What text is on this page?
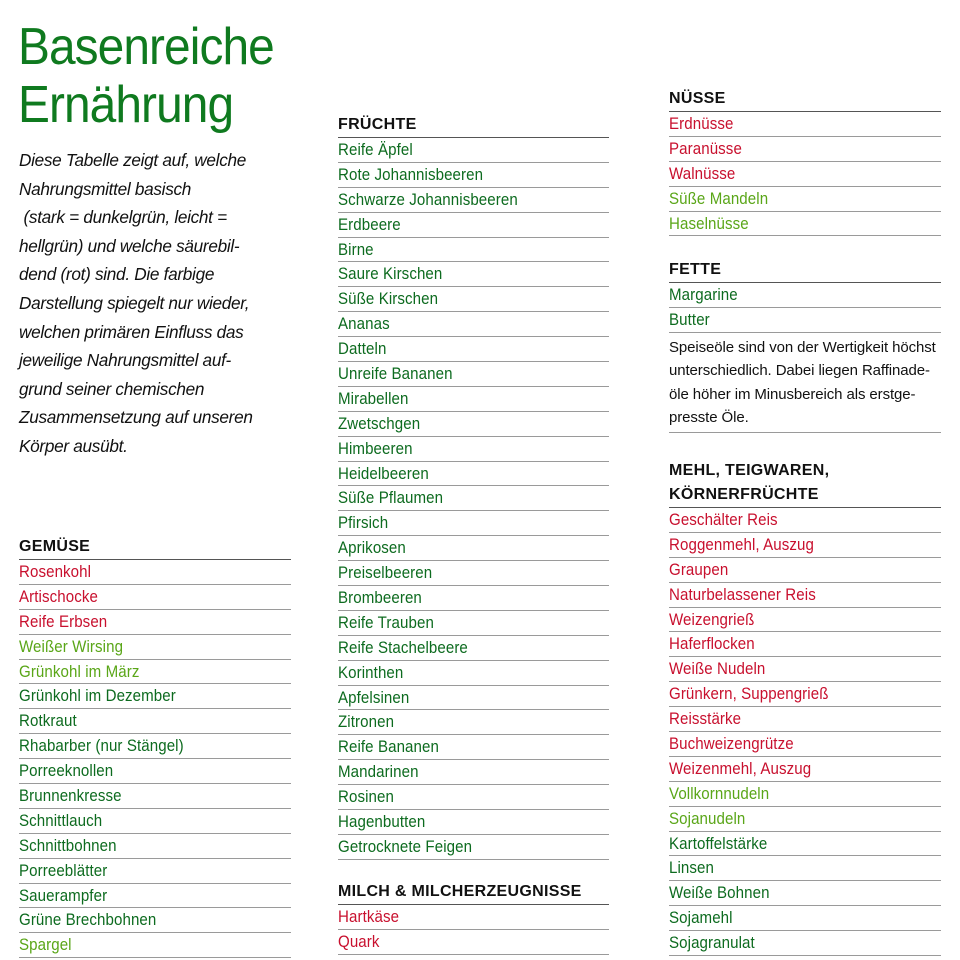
Basenreiche
Ernährung
Diese Tabelle zeigt auf, welche
Nahrungsmittel basisch
(stark = dunkelgrün, leicht =
hellgrün) und welche säurebil-
dend (rot) sind. Die farbige
Darstellung spiegelt nur wieder,
welchen primären Einfluss das
jeweilige Nahrungsmittel auf-
grund seiner chemischen
Zusammensetzung auf unseren
Körper ausübt.
GEMÜSE
Rosenkohl
Artischocke
Reife Erbsen
Weißer Wirsing
Grünkohl im März
Grünkohl im Dezember
Rotkraut
Rhabarber (nur Stängel)
Porreeknollen
Brunnenkresse
Schnittlauch
Schnittbohnen
Porreeblätter
Sauerampfer
Grüne Brechbohnen
Spargel
FRÜCHTE
Reife Äpfel
Rote Johannisbeeren
Schwarze Johannisbeeren
Erdbeere
Birne
Saure Kirschen
Süße Kirschen
Ananas
Datteln
Unreife Bananen
Mirabellen
Zwetschgen
Himbeeren
Heidelbeeren
Süße Pflaumen
Pfirsich
Aprikosen
Preiselbeeren
Brombeeren
Reife Trauben
Reife Stachelbeere
Korinthen
Apfelsinen
Zitronen
Reife Bananen
Mandarinen
Rosinen
Hagenbutten
Getrocknete Feigen
MILCH & MILCHERZEUGNISSE
Hartkäse
Quark
NÜSSE
Erdnüsse
Paranüsse
Walnüsse
Süße Mandeln
Haselnüsse
FETTE
Margarine
Butter
Speiseöle sind von der Wertigkeit höchst
unterschiedlich. Dabei liegen Raffinade-
öle höher im Minusbereich als erstge-
presste Öle.
MEHL, TEIGWAREN,
KÖRNERFRÜCHTE
Geschälter Reis
Roggenmehl, Auszug
Graupen
Naturbelassener Reis
Weizengrieß
Haferflocken
Weiße Nudeln
Grünkern, Suppengrieß
Reisstärke
Buchweizengrütze
Weizenmehl, Auszug
Vollkornnudeln
Sojanudeln
Kartoffelstärke
Linsen
Weiße Bohnen
Sojamehl
Sojagranulat
